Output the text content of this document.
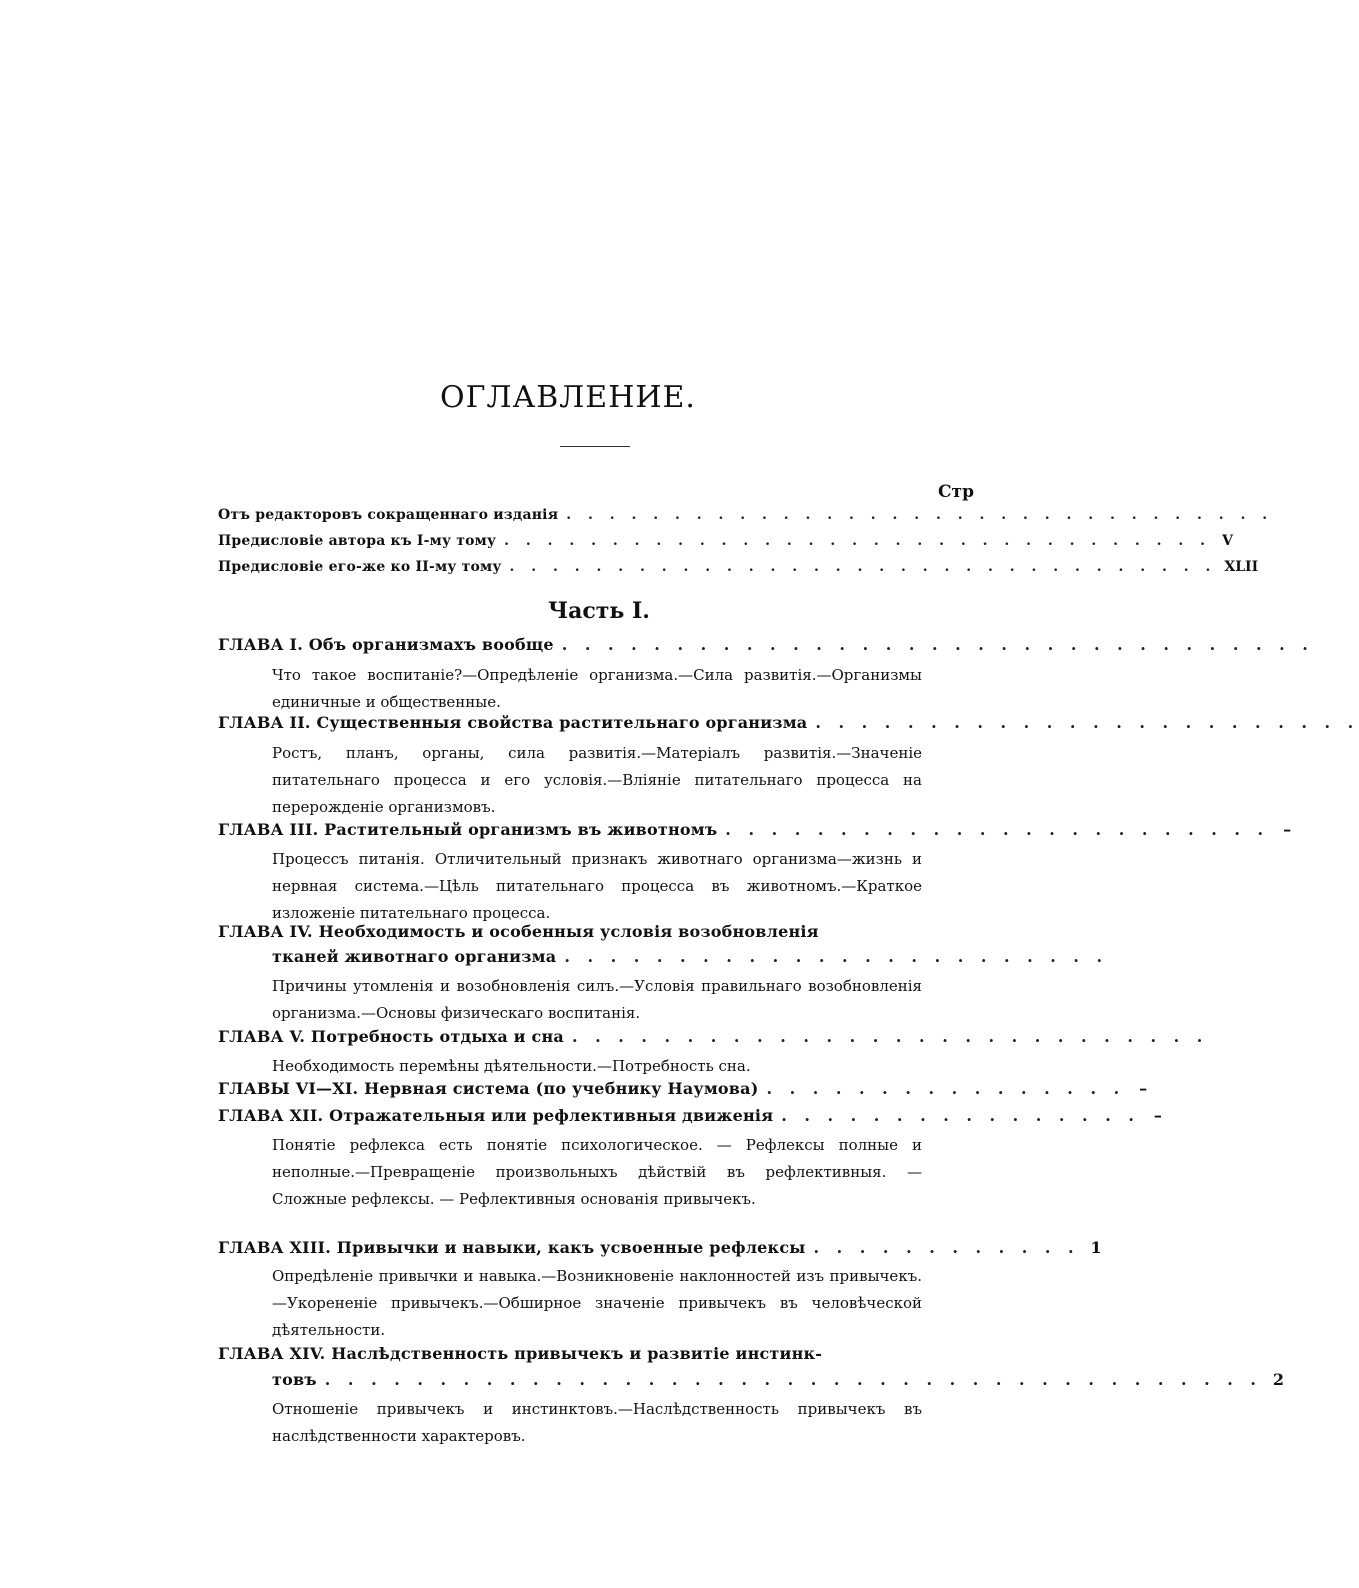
ОГЛАВЛЕНИЕ.
Стр
Отъ редакторовъ сокращеннаго изданія . . . . . . . . . . . . . . . . . . . . . . . . . . . . . . . . .
Предисловіе автора къ І-му тому . . . . . . . . . . . . . . . . . . . . . . . . . . . . . . . . . V
Предисловіе его-же ко ІІ-му тому . . . . . . . . . . . . . . . . . . . . . . . . . . . . . . . . . XLII
Часть I.
ГЛАВА І. Объ организмахъ вообще . . . . . . . . . . . . . . . . . . . . . . . . . . . . . . . . .
Что такое воспитаніе?—Опредѣленіе организма.—Сила развитія.—Организмы единичные и общественные.
ГЛАВА ІІ. Существенныя свойства растительнаго организма . . . . . . . . . . . . . . . . . . . . . . . .
Ростъ, планъ, органы, сила развитія.—Матеріалъ развитія.—Значеніе питательнаго процесса и его условія.—Вліяніе питательнаго процесса на перерожденіе организмовъ.
ГЛАВА ІІІ. Растительный организмъ въ животномъ . . . . . . . . . . . . . . . . . . . . . . . . –
Процессъ питанія. Отличительный признакъ животнаго организма—жизнь и нервная система.—Цѣль питательнаго процесса въ животномъ.—Краткое изложеніе питательнаго процесса.
ГЛАВА IV. Необходимость и особенныя условія возобновленія
тканей животнаго организма . . . . . . . . . . . . . . . . . . . . . . . .
Причины утомленія и возобновленія силъ.—Условія правильнаго возобновленія организма.—Основы физическаго воспитанія.
ГЛАВА V. Потребность отдыха и сна . . . . . . . . . . . . . . . . . . . . . . . . . . . .
Необходимость перемѣны дѣятельности.—Потребность сна.
ГЛАВЫ VI—XI. Нервная система (по учебнику Наумова) . . . . . . . . . . . . . . . . –
ГЛАВА XII. Отражательныя или рефлективныя движенія . . . . . . . . . . . . . . . . –
Понятіе рефлекса есть понятіе психологическое. — Рефлексы полные и неполные.—Превращеніе произвольныхъ дѣйствій въ рефлективныя. — Сложные рефлексы. — Рефлективныя основанія привычекъ.
ГЛАВА XIII. Привычки и навыки, какъ усвоенные рефлексы . . . . . . . . . . . . 1
Опредѣленіе привычки и навыка.—Возникновеніе наклонностей изъ привычекъ.—Укорененіе привычекъ.—Обширное значеніе привычекъ въ человѣческой дѣятельности.
ГЛАВА XIV. Наслѣдственность привычекъ и развитіе инстинк-
товъ . . . . . . . . . . . . . . . . . . . . . . . . . . . . . . . . . . . . . . . . . 2
Отношеніе привычекъ и инстинктовъ.—Наслѣдственность привычекъ въ наслѣдственности характеровъ.
